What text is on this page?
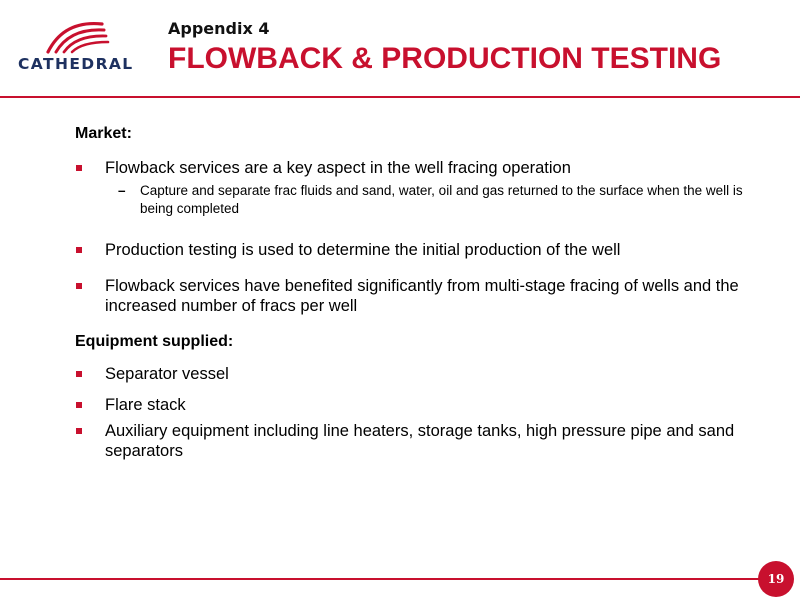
CATHEDRAL
Appendix 4
FLOWBACK & PRODUCTION TESTING

Market:

Flowback services are a key aspect in the well fracing operation
– Capture and separate frac fluids and sand, water, oil and gas returned to the surface when the well is being completed
Production testing is used to determine the initial production of the well
Flowback services have benefited significantly from multi-stage fracing of wells and the increased number of fracs per well

Equipment supplied:

Separator vessel
Flare stack
Auxiliary equipment including line heaters, storage tanks, high pressure pipe and sand separators
19
